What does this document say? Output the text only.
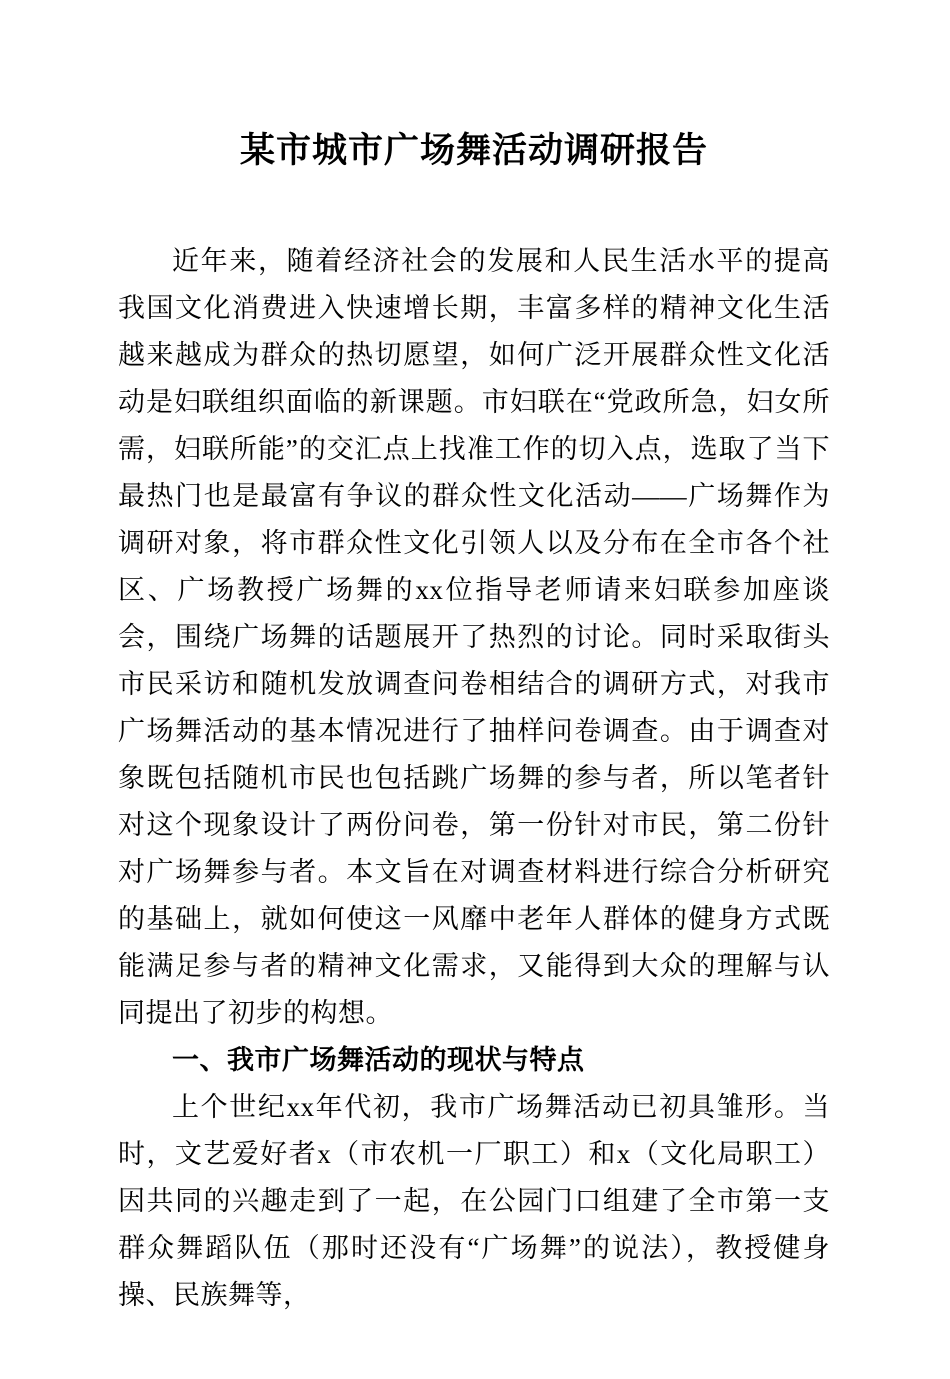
某市城市广场舞活动调研报告

近年来，随着经济社会的发展和人民生活水平的提高我国文化消费进入快速增长期，丰富多样的精神文化生活越来越成为群众的热切愿望，如何广泛开展群众性文化活动是妇联组织面临的新课题。市妇联在“党政所急，妇女所需，妇联所能”的交汇点上找准工作的切入点，选取了当下最热门也是最富有争议的群众性文化活动——广场舞作为调研对象，将市群众性文化引领人以及分布在全市各个社区、广场教授广场舞的xx位指导老师请来妇联参加座谈会，围绕广场舞的话题展开了热烈的讨论。同时采取街头市民采访和随机发放调查问卷相结合的调研方式，对我市广场舞活动的基本情况进行了抽样问卷调查。由于调查对象既包括随机市民也包括跳广场舞的参与者，所以笔者针对这个现象设计了两份问卷，第一份针对市民，第二份针对广场舞参与者。本文旨在对调查材料进行综合分析研究的基础上，就如何使这一风靡中老年人群体的健身方式既能满足参与者的精神文化需求，又能得到大众的理解与认同提出了初步的构想。

一、我市广场舞活动的现状与特点

上个世纪xx年代初，我市广场舞活动已初具雏形。当时，文艺爱好者x（市农机一厂职工）和x（文化局职工）因共同的兴趣走到了一起，在公园门口组建了全市第一支群众舞蹈队伍（那时还没有“广场舞”的说法），教授健身操、民族舞等，
